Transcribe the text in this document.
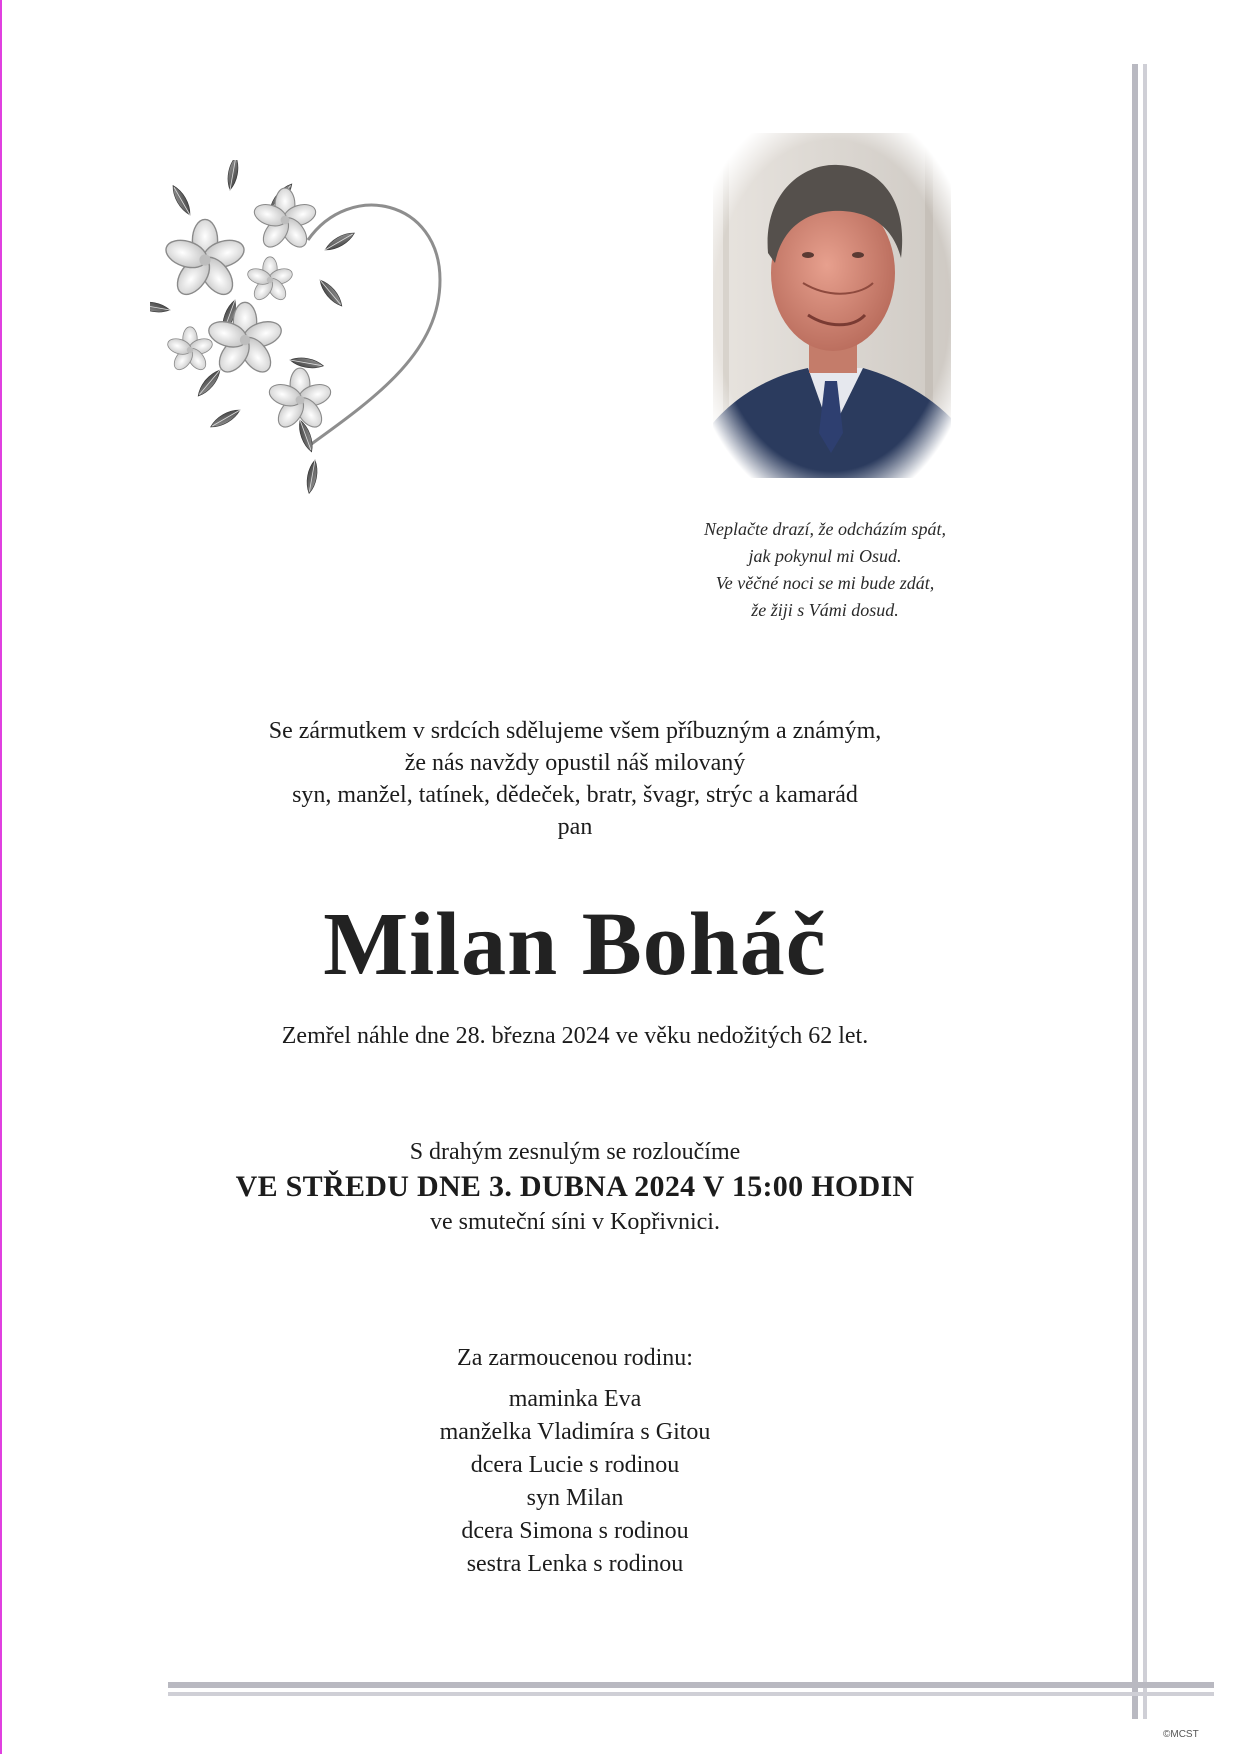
Neplačte drazí, že odcházím spát,
jak pokynul mi Osud.
Ve věčné noci se mi bude zdát,
že žiji s Vámi dosud.
Se zármutkem v srdcích sdělujeme všem příbuzným a známým,
že nás navždy opustil náš milovaný
syn, manžel, tatínek, dědeček, bratr, švagr, strýc a kamarád
pan
Milan Boháč
Zemřel náhle dne 28. března 2024 ve věku nedožitých 62 let.
S drahým zesnulým se rozloučíme
VE STŘEDU DNE 3. DUBNA 2024 V 15:00 HODIN
ve smuteční síni v Kopřivnici.
Za zarmoucenou rodinu:
maminka Eva
manželka Vladimíra s Gitou
dcera Lucie s rodinou
syn Milan
dcera Simona s rodinou
sestra Lenka s rodinou
©MCST
